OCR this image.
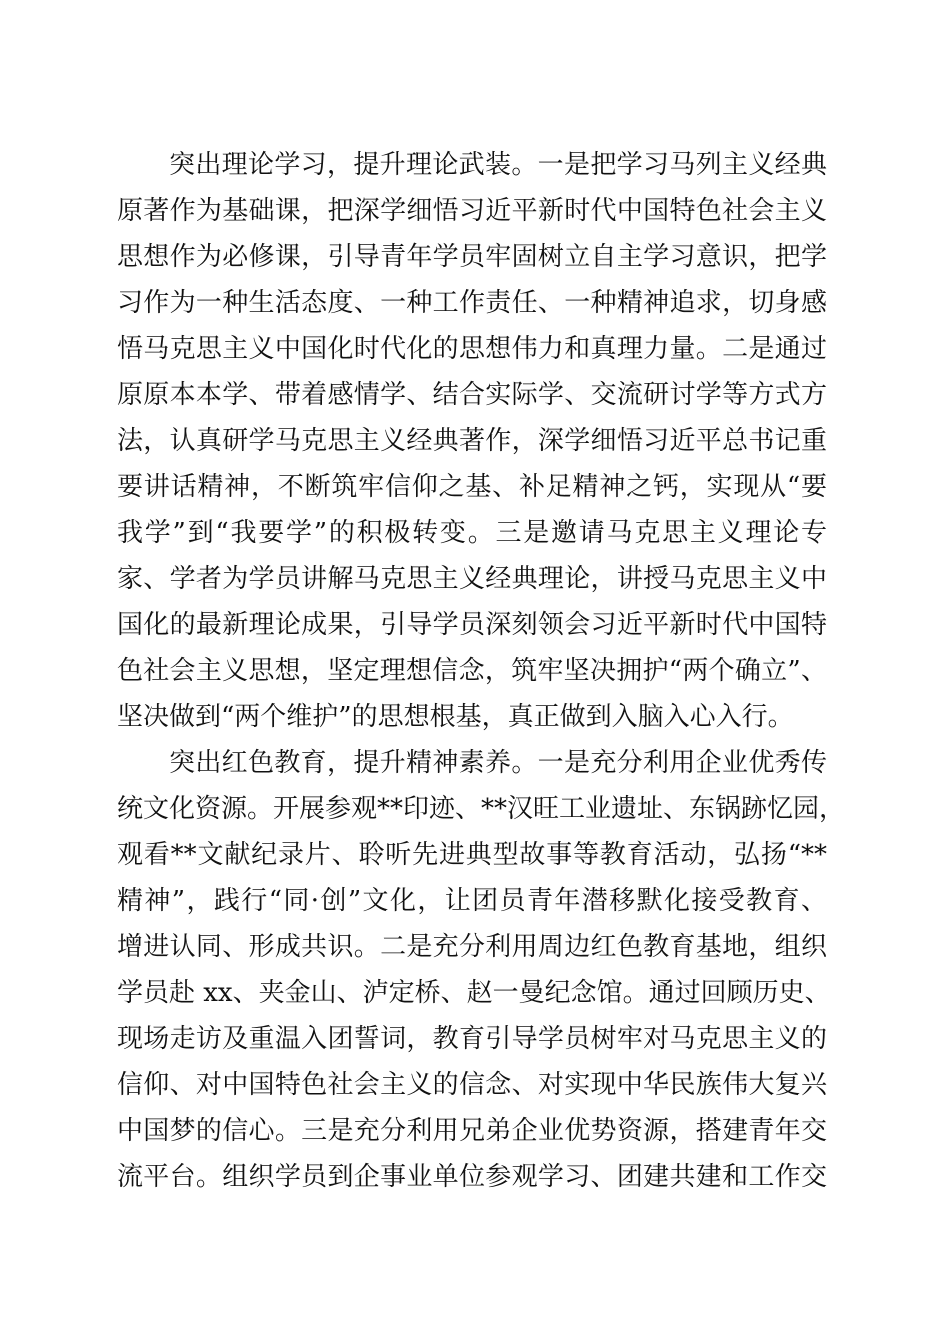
突出理论学习，提升理论武装。一是把学习马列主义经典
原著作为基础课，把深学细悟习近平新时代中国特色社会主义
思想作为必修课，引导青年学员牢固树立自主学习意识，把学
习作为一种生活态度、一种工作责任、一种精神追求，切身感
悟马克思主义中国化时代化的思想伟力和真理力量。二是通过
原原本本学、带着感情学、结合实际学、交流研讨学等方式方
法，认真研学马克思主义经典著作，深学细悟习近平总书记重
要讲话精神，不断筑牢信仰之基、补足精神之钙，实现从“要
我学”到“我要学”的积极转变。三是邀请马克思主义理论专
家、学者为学员讲解马克思主义经典理论，讲授马克思主义中
国化的最新理论成果，引导学员深刻领会习近平新时代中国特
色社会主义思想，坚定理想信念，筑牢坚决拥护“两个确立”、
坚决做到“两个维护”的思想根基，真正做到入脑入心入行。
突出红色教育，提升精神素养。一是充分利用企业优秀传
统文化资源。开展参观**印迹、**汉旺工业遗址、东锅跡忆园，
观看**文献纪录片、聆听先进典型故事等教育活动，弘扬“**
精神”，践行“同·创”文化，让团员青年潜移默化接受教育、
增进认同、形成共识。二是充分利用周边红色教育基地，组织
学员赴 xx、夹金山、泸定桥、赵一曼纪念馆。通过回顾历史、
现场走访及重温入团誓词，教育引导学员树牢对马克思主义的
信仰、对中国特色社会主义的信念、对实现中华民族伟大复兴
中国梦的信心。三是充分利用兄弟企业优势资源，搭建青年交
流平台。组织学员到企事业单位参观学习、团建共建和工作交
